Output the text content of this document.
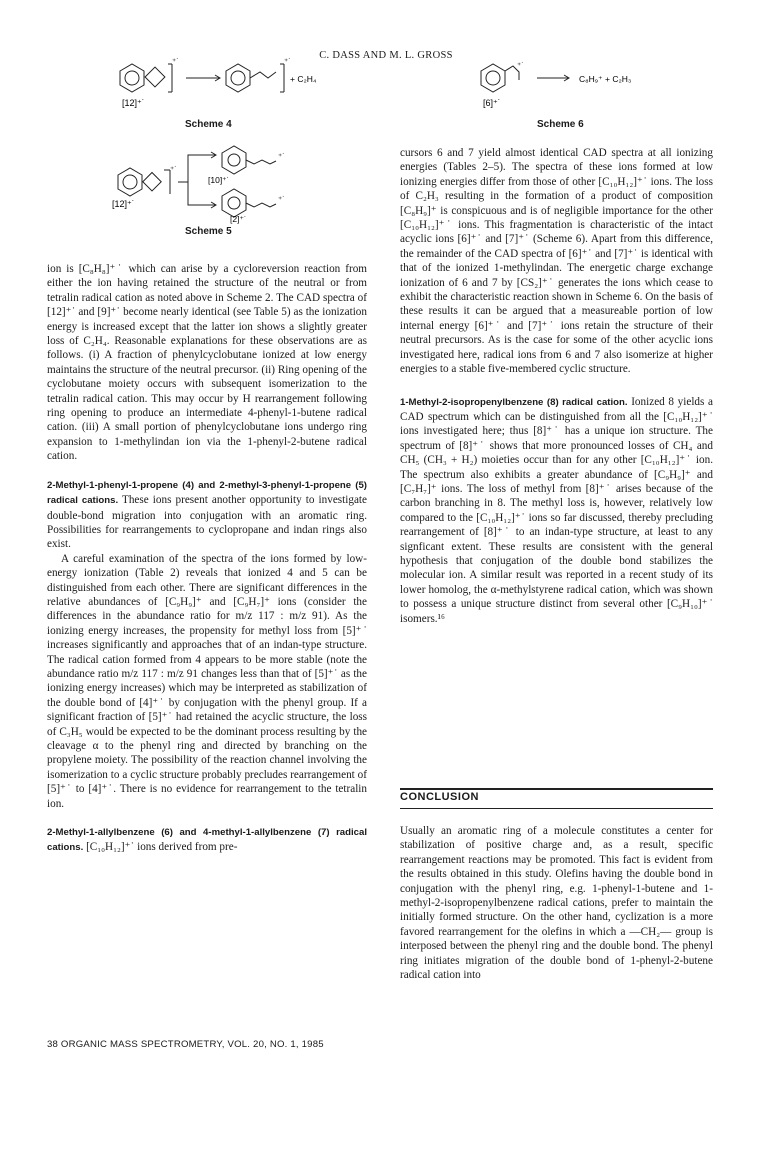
C. DASS AND M. L. GROSS
⁺˙	⁺˙
+ C₂H₄
[12]⁺˙
Scheme 4
⁺˙
⁺˙
⁺˙
[10]⁺˙
[2]⁺˙
[12]⁺˙
Scheme 5
⁺˙
C₈H₉⁺ + C₂H₃
[6]⁺˙
Scheme 6

ion is [C₈H₈]⁺˙ which can arise by a cycloreversion reaction from either the ion having retained the structure of the neutral or from tetralin radical cation as noted above in Scheme 2. The CAD spectra of [12]⁺˙ and [9]⁺˙ become nearly identical (see Table 5) as the ionization energy is increased except that the latter ion shows a slightly greater loss of C₂H₄. Reasonable explanations for these observations are as follows. (i) A fraction of phenylcyclobutane ionized at low energy maintains the structure of the neutral precursor. (ii) Ring opening of the cyclobutane moiety occurs with subsequent isomerization to the tetralin radical cation. This may occur by H rearrangement following ring opening to produce an intermediate 4-phenyl-1-butene radical cation. (iii) A small portion of phenylcyclobutane ions undergo ring expansion to 1-methylindan ion via the 1-phenyl-2-butene radical cation.

2-Methyl-1-phenyl-1-propene (4) and 2-methyl-3-phenyl-1-propene (5) radical cations. These ions present another opportunity to investigate double-bond migration into conjugation with an aromatic ring. Possibilities for rearrangements to cyclopropane and indan rings also exist.

A careful examination of the spectra of the ions formed by low-energy ionization (Table 2) reveals that ionized 4 and 5 can be distinguished from each other. There are significant differences in the relative abundances of [C₉H₉]⁺ and [C₉H₇]⁺ ions (consider the differences in the abundance ratio for m/z 117 : m/z 91). As the ionizing energy increases, the propensity for methyl loss from [5]⁺˙ increases significantly and approaches that of an indan-type structure. The radical cation formed from 4 appears to be more stable (note the abundance ratio m/z 117 : m/z 91 changes less than that of [5]⁺˙ as the ionizing energy increases) which may be interpreted as stabilization of the double bond of [4]⁺˙ by conjugation with the phenyl group. If a significant fraction of [5]⁺˙ had retained the acyclic structure, the loss of C₃H₅ would be expected to be the dominant process resulting by the cleavage α to the phenyl ring and directed by branching on the propylene moiety. The possibility of the reaction channel involving the isomerization to a cyclic structure probably precludes rearrangement of [5]⁺˙ to [4]⁺˙. There is no evidence for rearrangement to the tetralin ion.

2-Methyl-1-allylbenzene (6) and 4-methyl-1-allylbenzene (7) radical cations. [C₁₀H₁₂]⁺˙ ions derived from pre-

cursors 6 and 7 yield almost identical CAD spectra at all ionizing energies (Tables 2–5). The spectra of these ions formed at low ionizing energies differ from those of other [C₁₀H₁₂]⁺˙ ions. The loss of C₂H₃ resulting in the formation of a product of composition [C₈H₉]⁺ is conspicuous and is of negligible importance for the other [C₁₀H₁₂]⁺˙ ions. This fragmentation is characteristic of the intact acyclic ions [6]⁺˙ and [7]⁺˙ (Scheme 6). Apart from this difference, the remainder of the CAD spectra of [6]⁺˙ and [7]⁺˙ is identical with that of the ionized 1-methylindan. The energetic charge exchange ionization of 6 and 7 by [CS₂]⁺˙ generates the ions which cease to exhibit the characteristic reaction shown in Scheme 6. On the basis of these results it can be argued that a measureable portion of low internal energy [6]⁺˙ and [7]⁺˙ ions retain the structure of their neutral precursors. As is the case for some of the other acyclic ions investigated here, radical ions from 6 and 7 also isomerize at higher energies to a stable five-membered cyclic structure.

1-Methyl-2-isopropenylbenzene (8) radical cation. Ionized 8 yields a CAD spectrum which can be distinguished from all the [C₁₀H₁₂]⁺˙ ions investigated here; thus [8]⁺˙ has a unique ion structure. The spectrum of [8]⁺˙ shows that more pronounced losses of CH₄ and CH₅ (CH₃ + H₂) moieties occur than for any other [C₁₀H₁₂]⁺˙ ion. The spectrum also exhibits a greater abundance of [C₉H₉]⁺ and [C₇H₇]⁺ ions. The loss of methyl from [8]⁺˙ arises because of the carbon branching in 8. The methyl loss is, however, relatively low compared to the [C₁₀H₁₂]⁺˙ ions so far discussed, thereby precluding rearrangement of [8]⁺˙ to an indan-type structure, at least to any signficant extent. These results are consistent with the general hypothesis that conjugation of the double bond stabilizes the molecular ion. A similar result was reported in a recent study of its lower homolog, the α-methylstyrene radical cation, which was shown to possess a unique structure distinct from several other [C₉H₁₀]⁺˙ isomers.¹⁶

CONCLUSION

Usually an aromatic ring of a molecule constitutes a center for stabilization of positive charge and, as a result, specific rearrangement reactions may be promoted. This fact is evident from the results obtained in this study. Olefins having the double bond in conjugation with the phenyl ring, e.g. 1-phenyl-1-butene and 1-methyl-2-isopropenylbenzene radical cations, prefer to maintain the initially formed structure. On the other hand, cyclization is a more favored rearrangement for the olefins in which a —CH₂— group is interposed between the phenyl ring and the double bond. The phenyl ring initiates migration of the double bond of 1-phenyl-2-butene radical cation into

38 ORGANIC MASS SPECTROMETRY, VOL. 20, NO. 1, 1985
